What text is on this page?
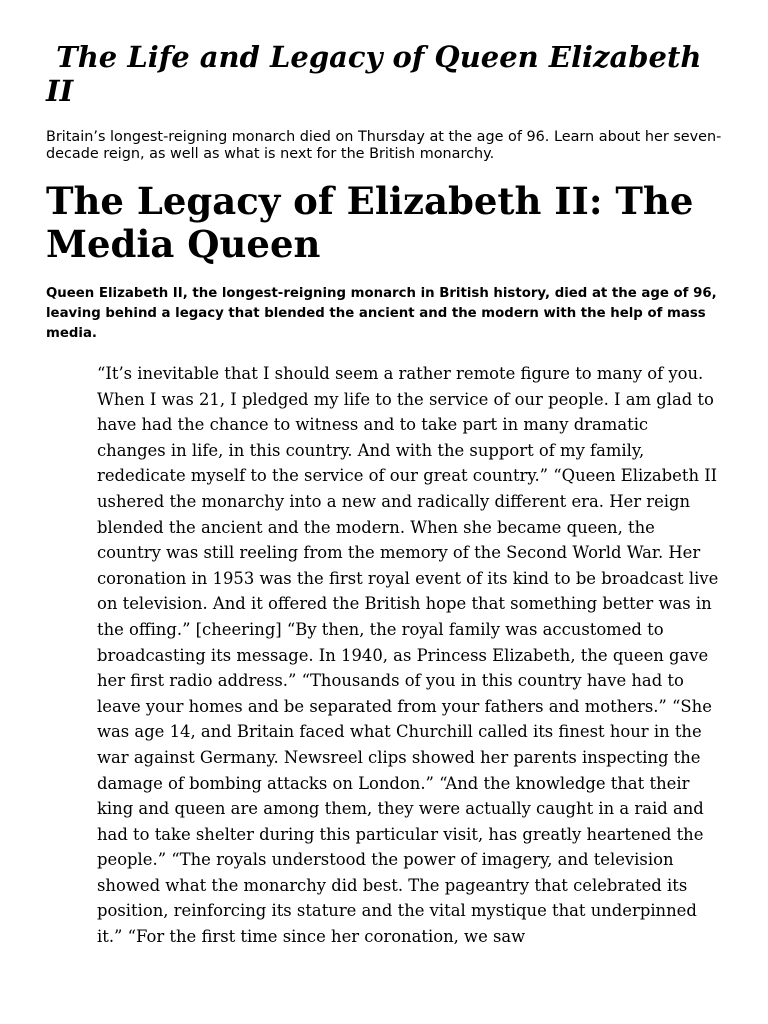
The Life and Legacy of Queen Elizabeth II

Britain’s longest-reigning monarch died on Thursday at the age of 96. Learn about her seven-decade reign, as well as what is next for the British monarchy.

The Legacy of Elizabeth II: The Media Queen

Queen Elizabeth II, the longest-reigning monarch in British history, died at the age of 96, leaving behind a legacy that blended the ancient and the modern with the help of mass media.

“It’s inevitable that I should seem a rather remote figure to many of you. When I was 21, I pledged my life to the service of our people. I am glad to have had the chance to witness and to take part in many dramatic changes in life, in this country. And with the support of my family, rededicate myself to the service of our great country.” “Queen Elizabeth II ushered the monarchy into a new and radically different era. Her reign blended the ancient and the modern. When she became queen, the country was still reeling from the memory of the Second World War. Her coronation in 1953 was the first royal event of its kind to be broadcast live on television. And it offered the British hope that something better was in the offing.” [cheering] “By then, the royal family was accustomed to broadcasting its message. In 1940, as Princess Elizabeth, the queen gave her first radio address.” “Thousands of you in this country have had to leave your homes and be separated from your fathers and mothers.” “She was age 14, and Britain faced what Churchill called its finest hour in the war against Germany. Newsreel clips showed her parents inspecting the damage of bombing attacks on London.” “And the knowledge that their king and queen are among them, they were actually caught in a raid and had to take shelter during this particular visit, has greatly heartened the people.” “The royals understood the power of imagery, and television showed what the monarchy did best. The pageantry that celebrated its position, reinforcing its stature and the vital mystique that underpinned it.” “For the first time since her coronation, we saw
